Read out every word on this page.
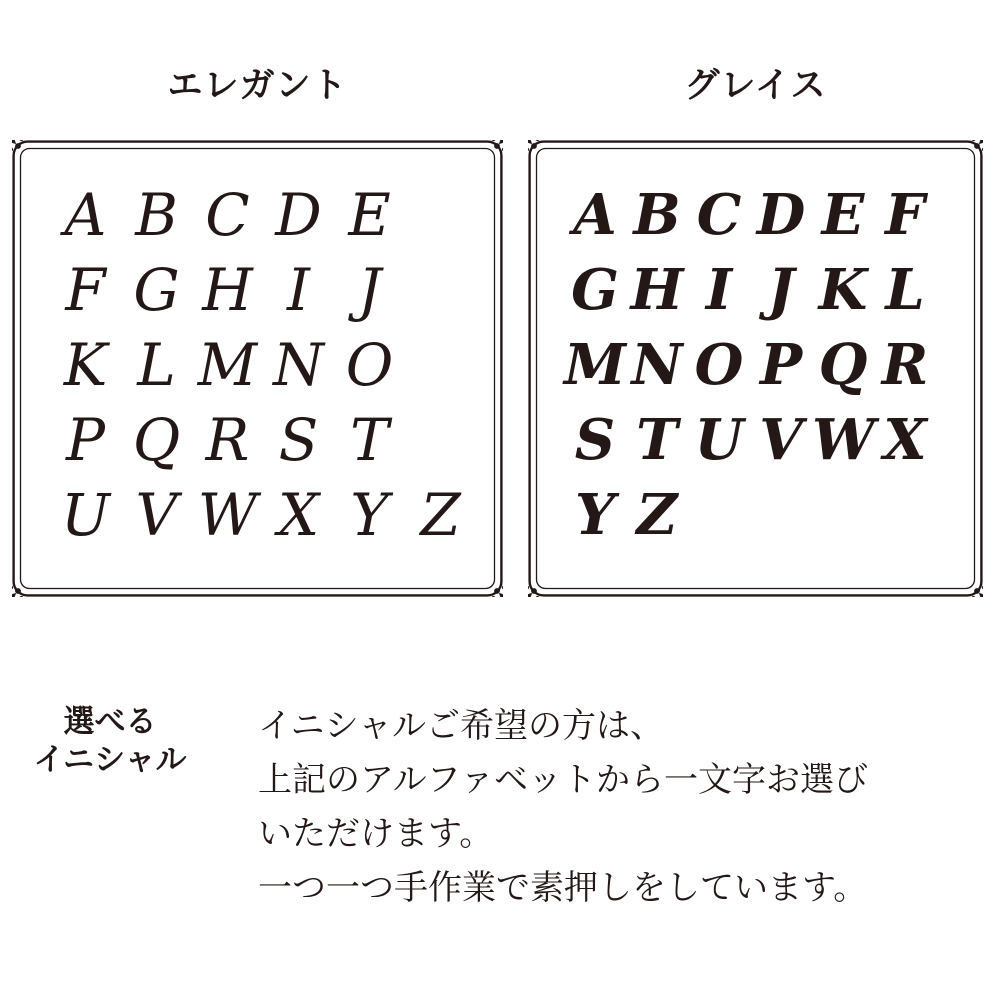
エレガント	グレイス
A B C D E
F G H I J
K L M N O
P Q R S T
U V W X Y Z
A B C D E F
G H I J K L
M N O P Q R
S T U V W X
Y Z
選べる
イニシャル
イニシャルご希望の方は、
上記のアルファベットから一文字お選び
いただけます。
一つ一つ手作業で素押しをしています。
